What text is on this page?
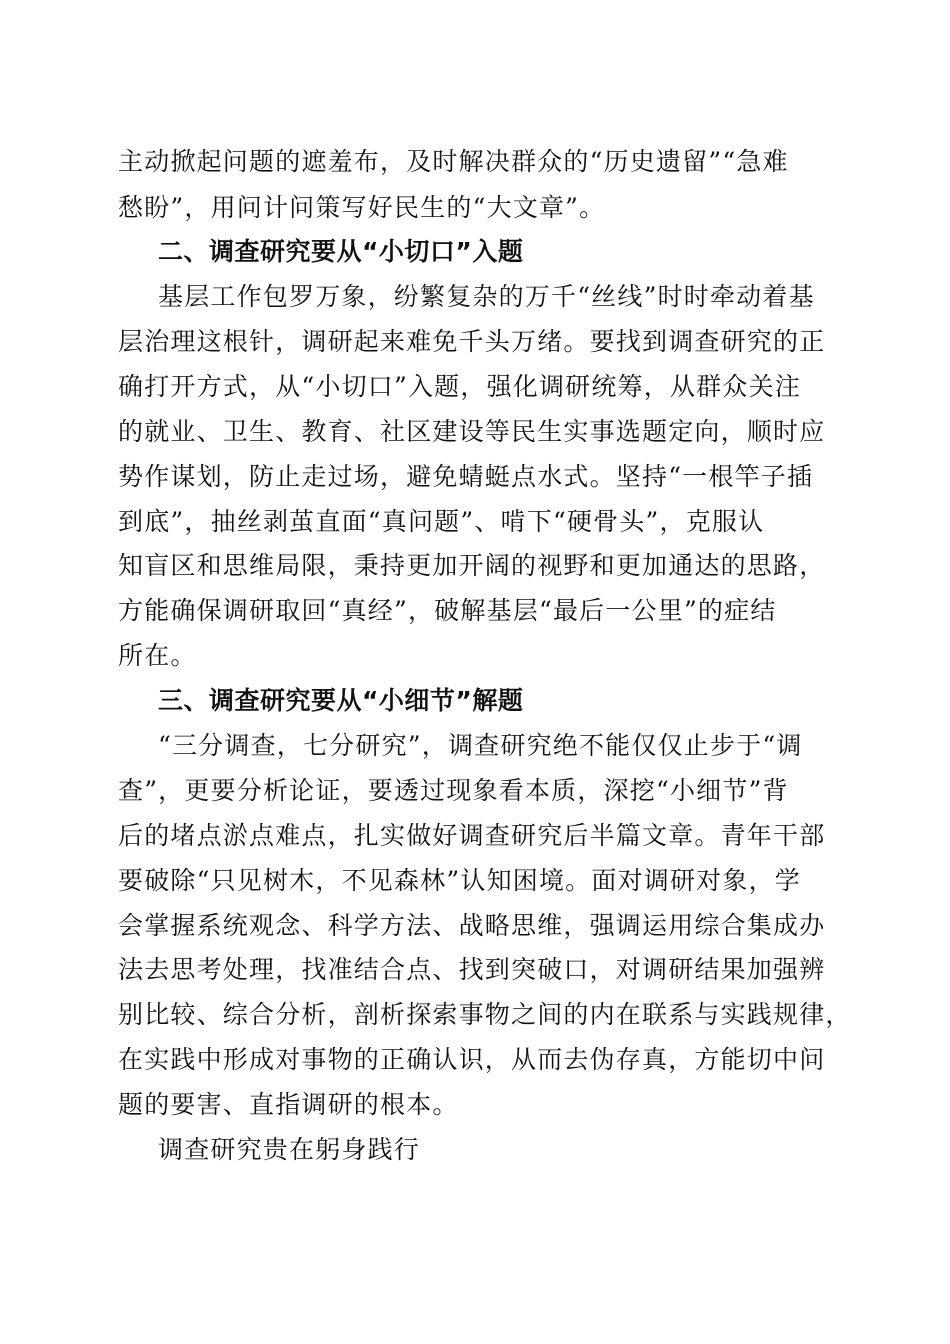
主动掀起问题的遮羞布，及时解决群众的“历史遗留”“急难
愁盼”，用问计问策写好民生的“大文章”。
二、调查研究要从“小切口”入题
基层工作包罗万象，纷繁复杂的万千“丝线”时时牵动着基
层治理这根针，调研起来难免千头万绪。要找到调查研究的正
确打开方式，从“小切口”入题，强化调研统筹，从群众关注
的就业、卫生、教育、社区建设等民生实事选题定向，顺时应
势作谋划，防止走过场，避免蜻蜓点水式。坚持“一根竿子插
到底”，抽丝剥茧直面“真问题”、啃下“硬骨头”，克服认
知盲区和思维局限，秉持更加开阔的视野和更加通达的思路，
方能确保调研取回“真经”，破解基层“最后一公里”的症结
所在。
三、调查研究要从“小细节”解题
“三分调查，七分研究”，调查研究绝不能仅仅止步于“调
查”，更要分析论证，要透过现象看本质，深挖“小细节”背
后的堵点淤点难点，扎实做好调查研究后半篇文章。青年干部
要破除“只见树木，不见森林”认知困境。面对调研对象，学
会掌握系统观念、科学方法、战略思维，强调运用综合集成办
法去思考处理，找准结合点、找到突破口，对调研结果加强辨
别比较、综合分析，剖析探索事物之间的内在联系与实践规律，
在实践中形成对事物的正确认识，从而去伪存真，方能切中问
题的要害、直指调研的根本。
调查研究贵在躬身践行
